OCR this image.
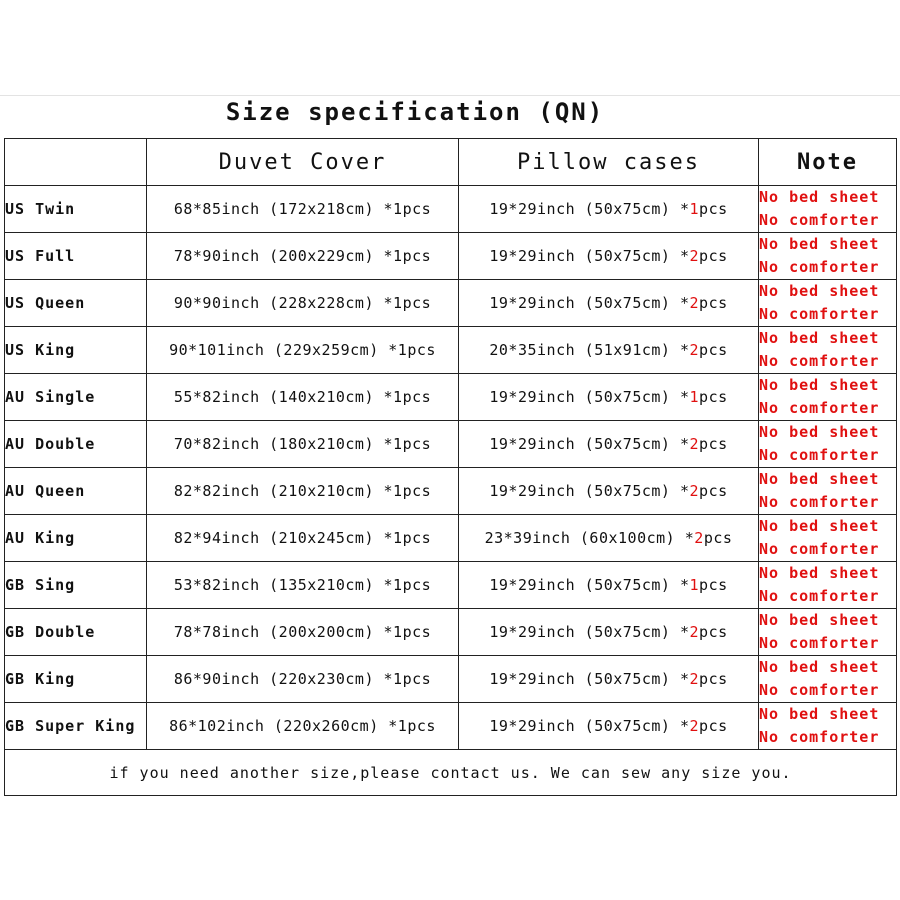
Size specification (QN)
	Duvet Cover	Pillow cases	Note
US Twin	68*85inch (172x218cm) *1pcs	19*29inch (50x75cm) *1pcs	No bed sheet
No comforter

US Full	78*90inch (200x229cm) *1pcs	19*29inch (50x75cm) *2pcs	No bed sheet
No comforter

US Queen	90*90inch (228x228cm) *1pcs	19*29inch (50x75cm) *2pcs	No bed sheet
No comforter

US King	90*101inch (229x259cm) *1pcs	20*35inch (51x91cm) *2pcs	No bed sheet
No comforter

AU Single	55*82inch (140x210cm) *1pcs	19*29inch (50x75cm) *1pcs	No bed sheet
No comforter

AU Double	70*82inch (180x210cm) *1pcs	19*29inch (50x75cm) *2pcs	No bed sheet
No comforter

AU Queen	82*82inch (210x210cm) *1pcs	19*29inch (50x75cm) *2pcs	No bed sheet
No comforter

AU King	82*94inch (210x245cm) *1pcs	23*39inch (60x100cm) *2pcs	No bed sheet
No comforter

GB Sing	53*82inch (135x210cm) *1pcs	19*29inch (50x75cm) *1pcs	No bed sheet
No comforter

GB Double	78*78inch (200x200cm) *1pcs	19*29inch (50x75cm) *2pcs	No bed sheet
No comforter

GB King	86*90inch (220x230cm) *1pcs	19*29inch (50x75cm) *2pcs	No bed sheet
No comforter

GB Super King	86*102inch (220x260cm) *1pcs	19*29inch (50x75cm) *2pcs	No bed sheet
No comforter

if you need another size,please contact us. We can sew any size you.			
